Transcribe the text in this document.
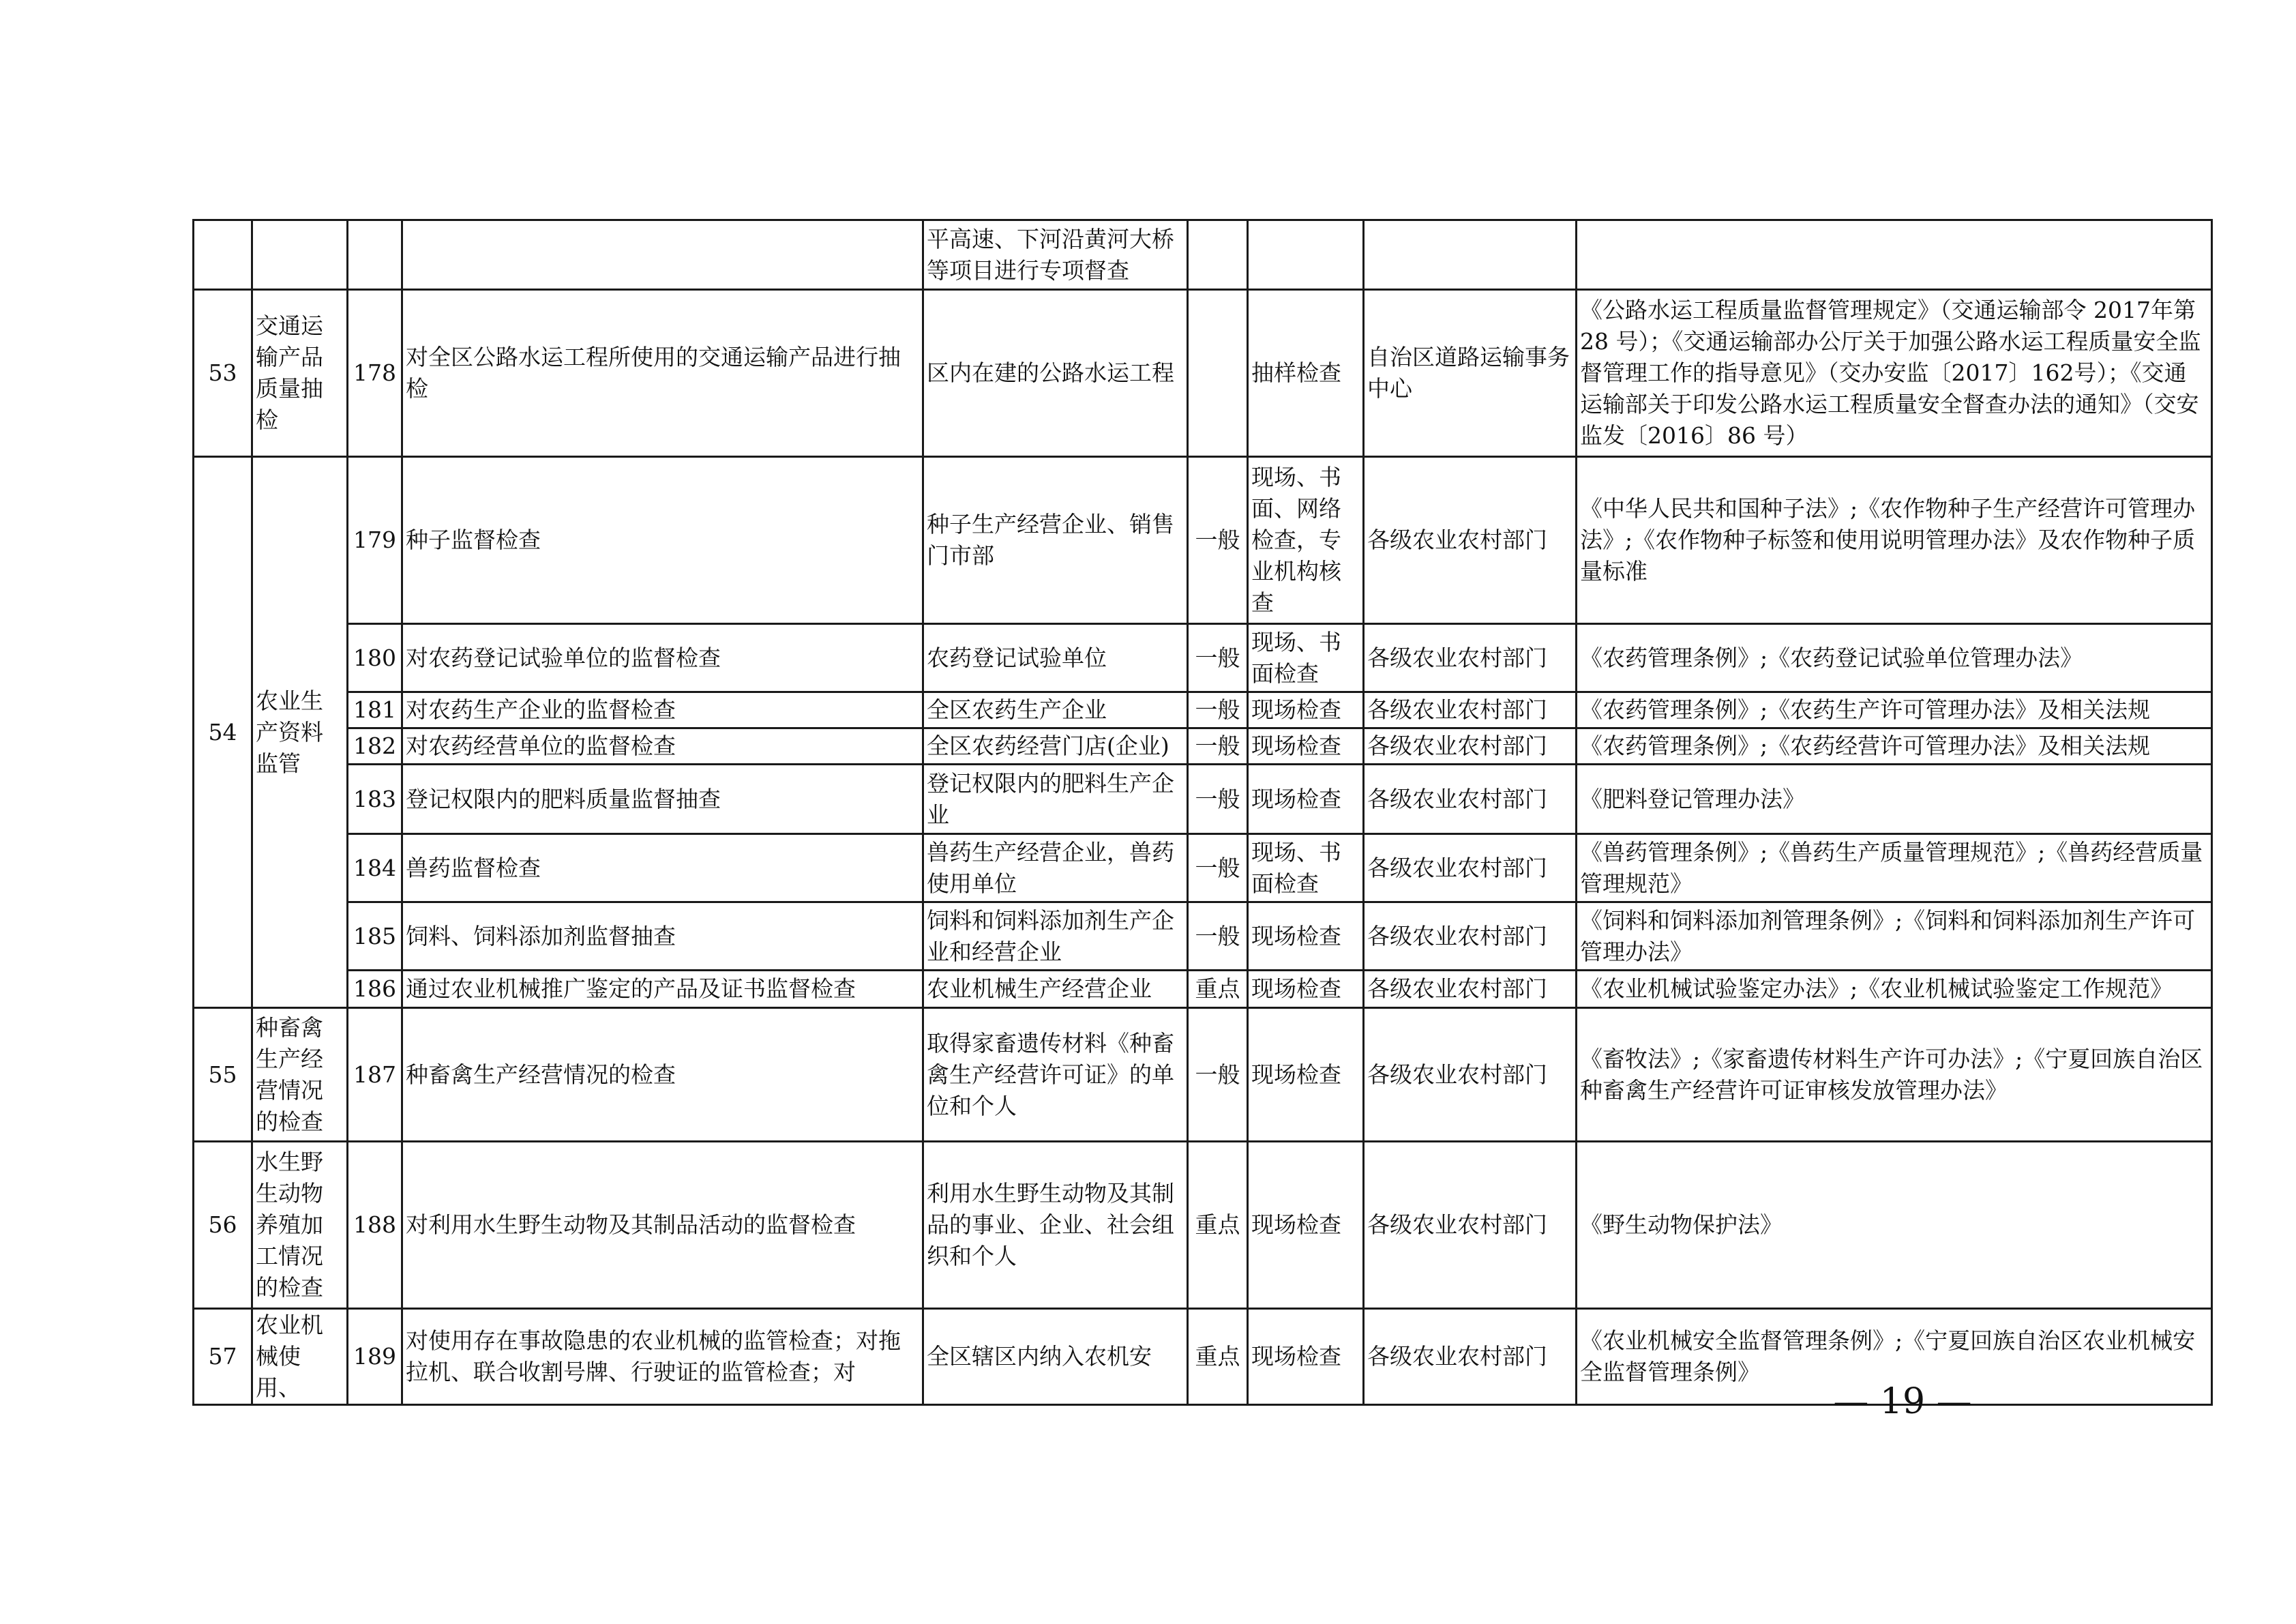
				平高速、下河沿黄河大桥等项目进行专项督查				
53	交通运输产品质量抽检	178	对全区公路水运工程所使用的交通运输产品进行抽检	区内在建的公路水运工程		抽样检查	自治区道路运输事务中心	《公路水运工程质量监督管理规定》（交通运输部令 2017年第 28 号）；《交通运输部办公厅关于加强公路水运工程质量安全监督管理工作的指导意见》（交办安监〔2017〕162号）；《交通运输部关于印发公路水运工程质量安全督查办法的通知》（交安监发〔2016〕86 号）
54	农业生产资料监管	179	种子监督检查	种子生产经营企业、销售门市部	一般	现场、书面、网络检查，专业机构核查	各级农业农村部门	《中华人民共和国种子法》;《农作物种子生产经营许可管理办法》;《农作物种子标签和使用说明管理办法》及农作物种子质量标准
		180	对农药登记试验单位的监督检查	农药登记试验单位	一般	现场、书面检查	各级农业农村部门	《农药管理条例》;《农药登记试验单位管理办法》
		181	对农药生产企业的监督检查	全区农药生产企业	一般	现场检查	各级农业农村部门	《农药管理条例》;《农药生产许可管理办法》及相关法规
		182	对农药经营单位的监督检查	全区农药经营门店(企业)	一般	现场检查	各级农业农村部门	《农药管理条例》;《农药经营许可管理办法》及相关法规
		183	登记权限内的肥料质量监督抽查	登记权限内的肥料生产企业	一般	现场检查	各级农业农村部门	《肥料登记管理办法》
		184	兽药监督检查	兽药生产经营企业，兽药使用单位	一般	现场、书面检查	各级农业农村部门	《兽药管理条例》;《兽药生产质量管理规范》;《兽药经营质量管理规范》
		185	饲料、饲料添加剂监督抽查	饲料和饲料添加剂生产企业和经营企业	一般	现场检查	各级农业农村部门	《饲料和饲料添加剂管理条例》;《饲料和饲料添加剂生产许可管理办法》
		186	通过农业机械推广鉴定的产品及证书监督检查	农业机械生产经营企业	重点	现场检查	各级农业农村部门	《农业机械试验鉴定办法》;《农业机械试验鉴定工作规范》
55	种畜禽生产经营情况的检查	187	种畜禽生产经营情况的检查	取得家畜遗传材料《种畜禽生产经营许可证》的单位和个人	一般	现场检查	各级农业农村部门	《畜牧法》;《家畜遗传材料生产许可办法》;《宁夏回族自治区种畜禽生产经营许可证审核发放管理办法》
56	水生野生动物养殖加工情况的检查	188	对利用水生野生动物及其制品活动的监督检查	利用水生野生动物及其制品的事业、企业、社会组织和个人	重点	现场检查	各级农业农村部门	《野生动物保护法》
57	农业机械使用、	189	对使用存在事故隐患的农业机械的监管检查；对拖拉机、联合收割号牌、行驶证的监管检查；对	全区辖区内纳入农机安	重点	现场检查	各级农业农村部门	《农业机械安全监督管理条例》;《宁夏回族自治区农业机械安全监督管理条例》
— 19 —
